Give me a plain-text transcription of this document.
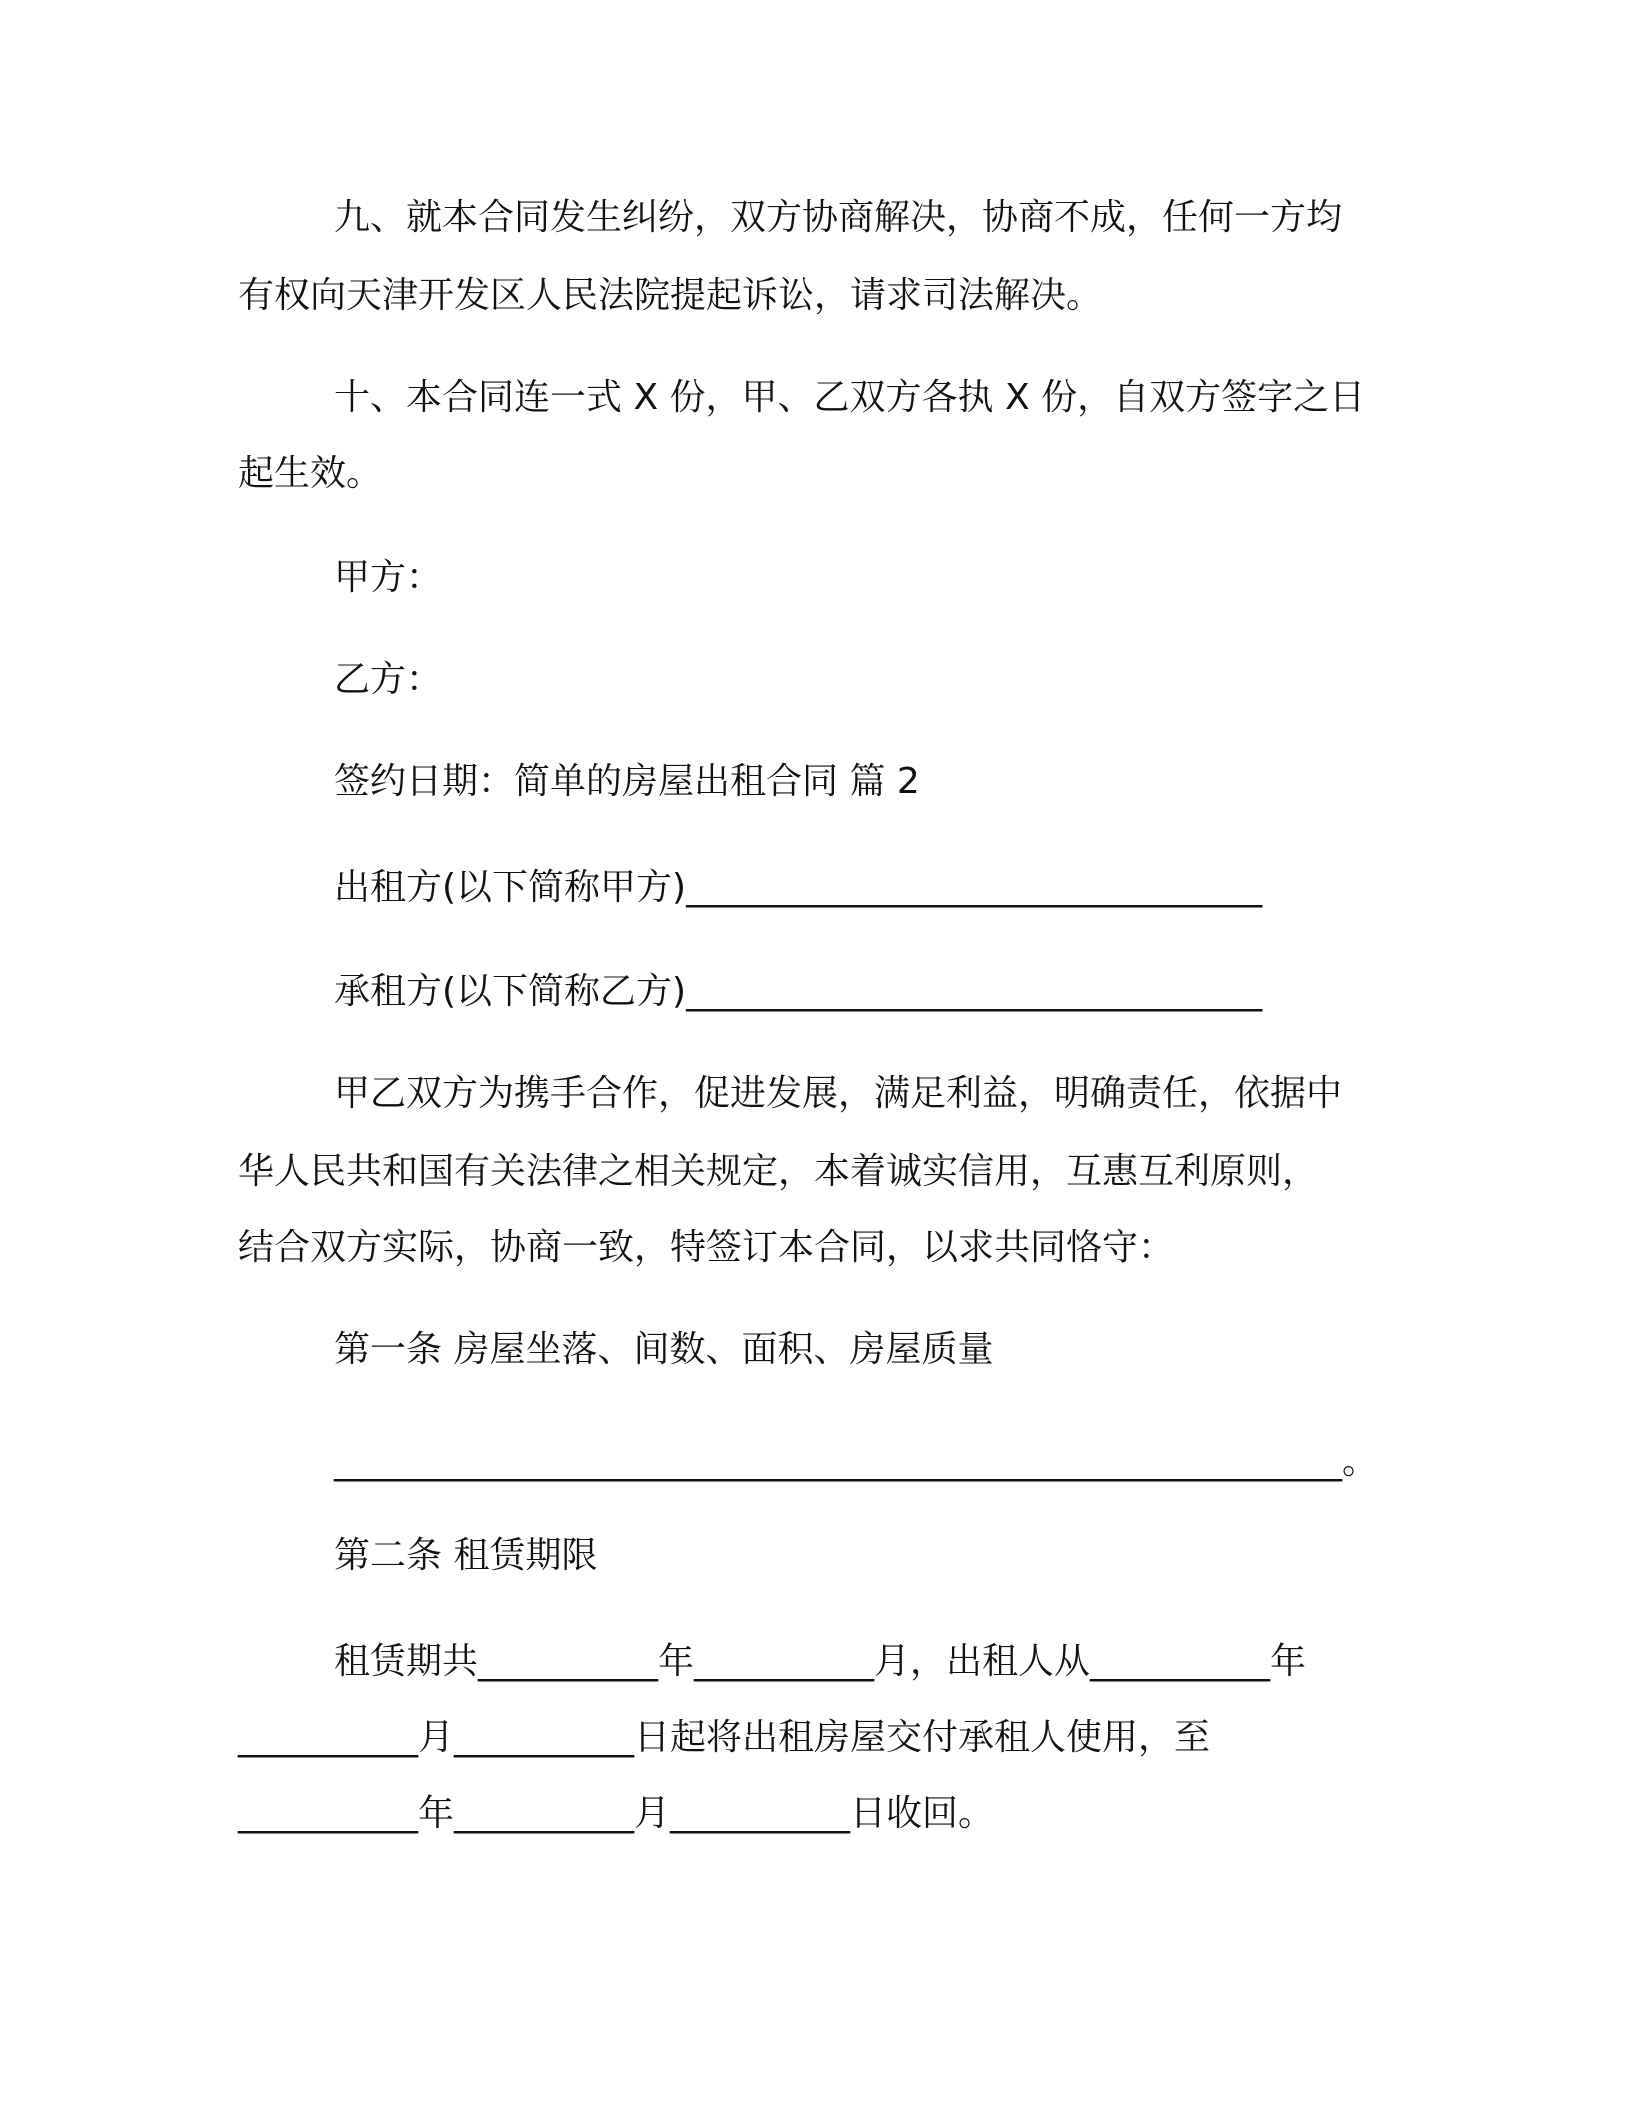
九、就本合同发生纠纷，双方协商解决，协商不成，任何一方均
有权向天津开发区人民法院提起诉讼，请求司法解决。
十、本合同连一式 X 份，甲、乙双方各执 X 份，自双方签字之日
起生效。
甲方：
乙方：
签约日期：简单的房屋出租合同 篇 2
出租方(以下简称甲方)________________________________
承租方(以下简称乙方)________________________________
甲乙双方为携手合作，促进发展，满足利益，明确责任，依据中
华人民共和国有关法律之相关规定，本着诚实信用，互惠互利原则，
结合双方实际，协商一致，特签订本合同，以求共同恪守：
第一条 房屋坐落、间数、面积、房屋质量
________________________________________________________。
第二条 租赁期限
租赁期共__________年__________月，出租人从__________年
__________月__________日起将出租房屋交付承租人使用，至
__________年__________月__________日收回。
